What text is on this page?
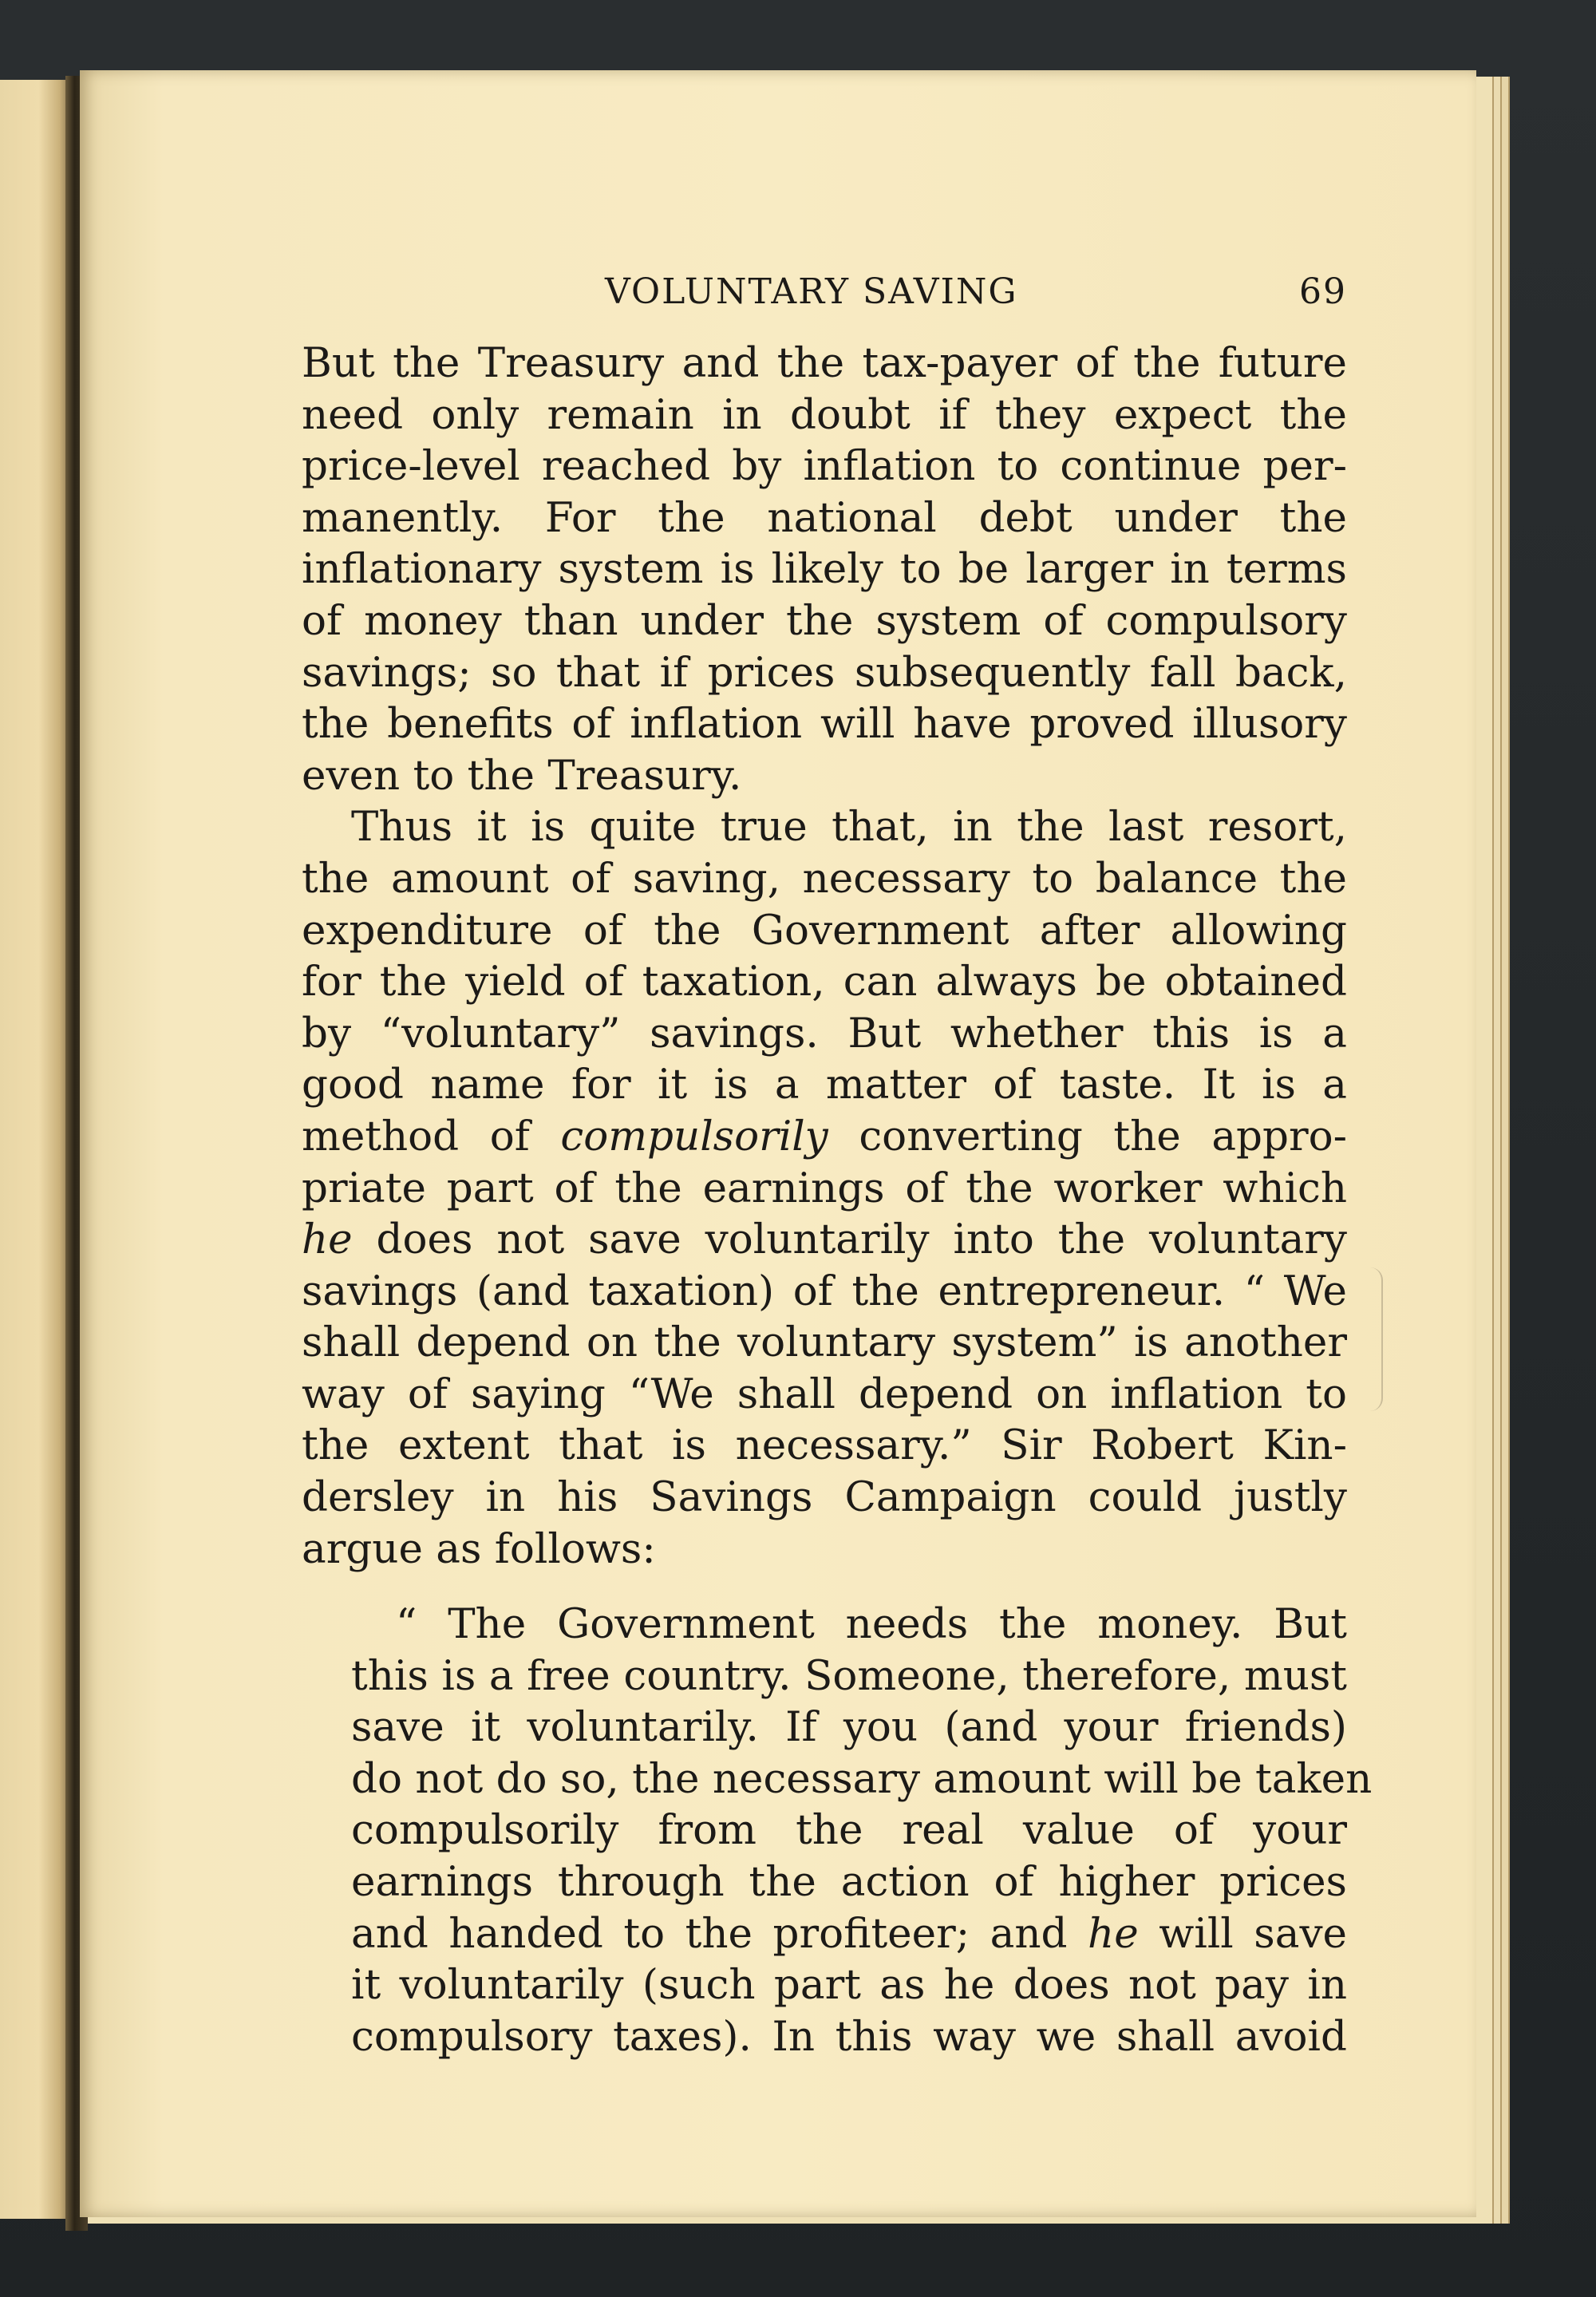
VOLUNTARY SAVING	69
But the Treasury and the tax-payer of the future
need only remain in doubt if they expect the
price-level reached by inflation to continue per-
manently. For the national debt under the
inflationary system is likely to be larger in terms
of money than under the system of compulsory
savings; so that if prices subsequently fall back,
the benefits of inflation will have proved illusory
even to the Treasury.
Thus it is quite true that, in the last resort,
the amount of saving, necessary to balance the
expenditure of the Government after allowing
for the yield of taxation, can always be obtained
by “voluntary” savings. But whether this is a
good name for it is a matter of taste. It is a
method of compulsorily converting the appro-
priate part of the earnings of the worker which
he does not save voluntarily into the voluntary
savings (and taxation) of the entrepreneur. “ We
shall depend on the voluntary system” is another
way of saying “We shall depend on inflation to
the extent that is necessary.” Sir Robert Kin-
dersley in his Savings Campaign could justly
argue as follows:
“ The Government needs the money. But
this is a free country. Someone, therefore, must
save it voluntarily. If you (and your friends)
do not do so, the necessary amount will be taken
compulsorily from the real value of your
earnings through the action of higher prices
and handed to the profiteer; and he will save
it voluntarily (such part as he does not pay in
compulsory taxes). In this way we shall avoid
